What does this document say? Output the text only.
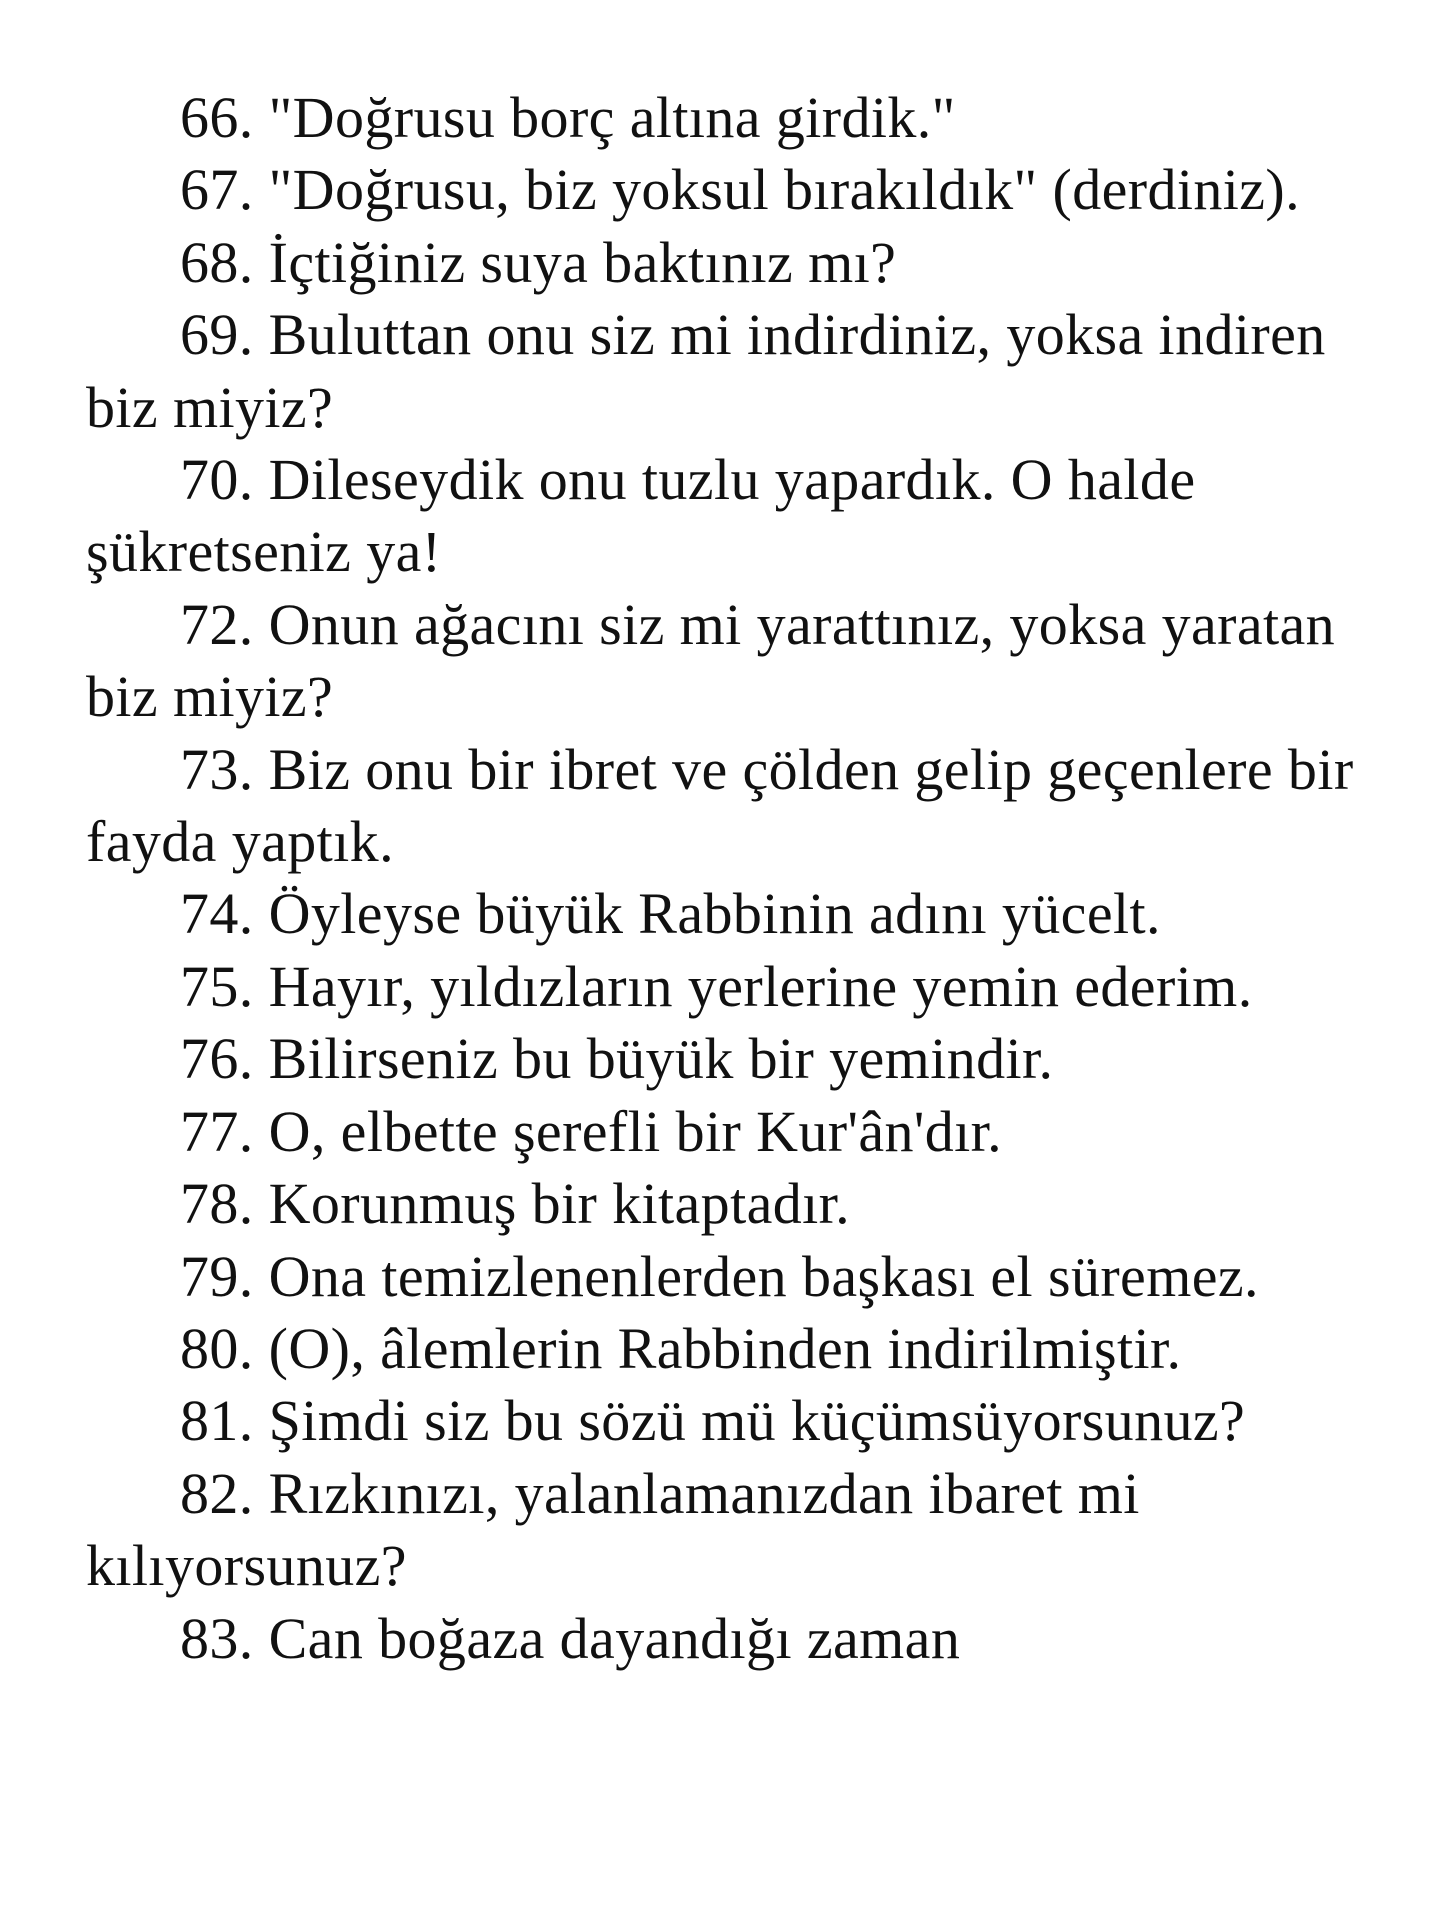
66. "Doğrusu borç altına girdik."

67. "Doğrusu, biz yoksul bırakıldık" (derdiniz).

68. İçtiğiniz suya baktınız mı?

69. Buluttan onu siz mi indirdiniz, yoksa indiren biz miyiz?

70. Dileseydik onu tuzlu yapardık. O halde şükretseniz ya!

72. Onun ağacını siz mi yarattınız, yoksa yaratan biz miyiz?

73. Biz onu bir ibret ve çölden gelip geçenlere bir fayda yaptık.

74. Öyleyse büyük Rabbinin adını yücelt.

75. Hayır, yıldızların yerlerine yemin ederim.

76. Bilirseniz bu büyük bir yemindir.

77. O, elbette şerefli bir Kur'ân'dır.

78. Korunmuş bir kitaptadır.

79. Ona temizlenenlerden başkası el süremez.

80. (O), âlemlerin Rabbinden indirilmiştir.

81. Şimdi siz bu sözü mü küçümsüyorsunuz?

82. Rızkınızı, yalanlamanızdan ibaret mi kılıyorsunuz?

83. Can boğaza dayandığı zaman
